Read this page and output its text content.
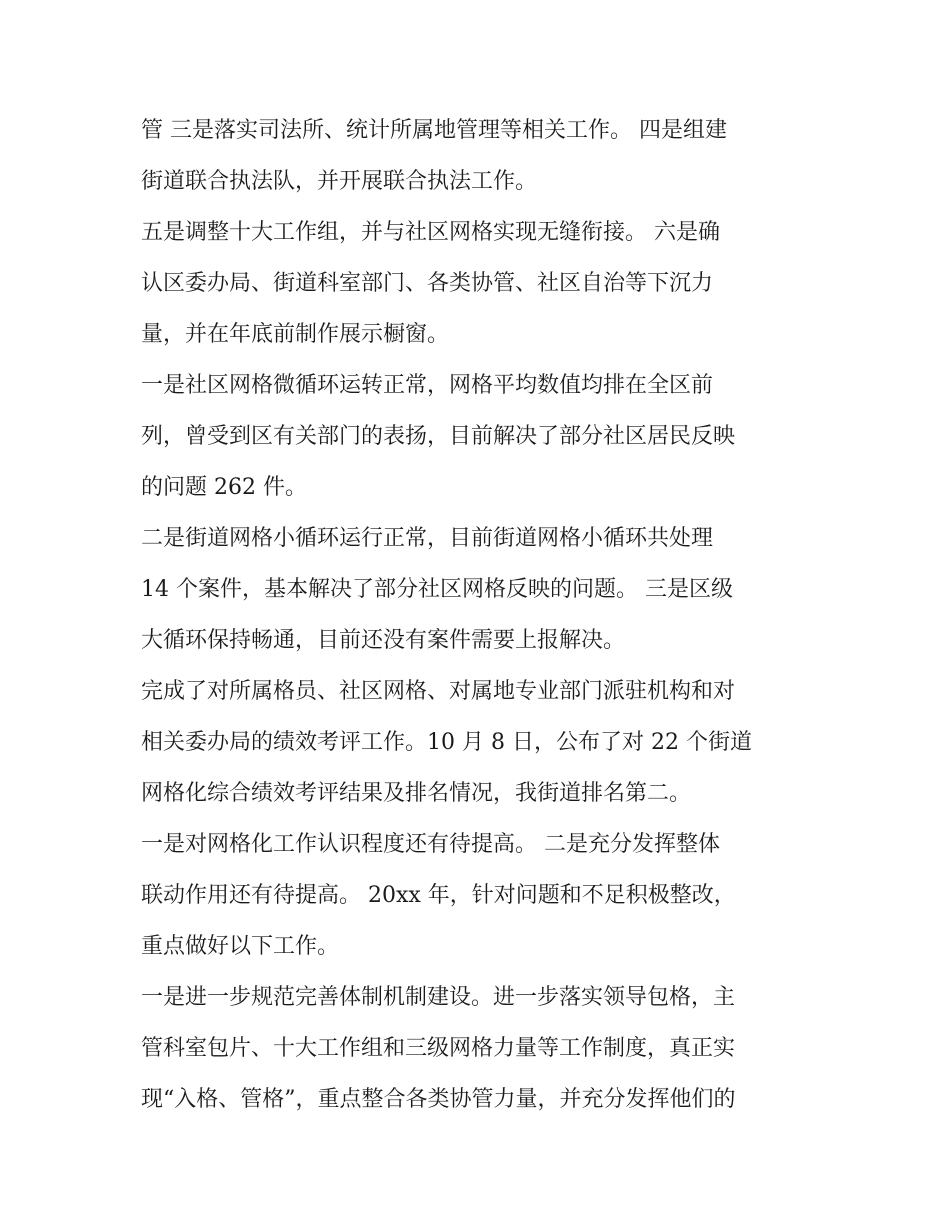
管 三是落实司法所、统计所属地管理等相关工作。 四是组建
街道联合执法队，并开展联合执法工作。
五是调整十大工作组，并与社区网格实现无缝衔接。 六是确
认区委办局、街道科室部门、各类协管、社区自治等下沉力
量，并在年底前制作展示橱窗。
一是社区网格微循环运转正常，网格平均数值均排在全区前
列，曾受到区有关部门的表扬，目前解决了部分社区居民反映
的问题 262 件。
二是街道网格小循环运行正常，目前街道网格小循环共处理
14 个案件，基本解决了部分社区网格反映的问题。 三是区级
大循环保持畅通，目前还没有案件需要上报解决。
完成了对所属格员、社区网格、对属地专业部门派驻机构和对
相关委办局的绩效考评工作。10 月 8 日，公布了对 22 个街道
网格化综合绩效考评结果及排名情况，我街道排名第二。
一是对网格化工作认识程度还有待提高。 二是充分发挥整体
联动作用还有待提高。 20xx 年，针对问题和不足积极整改，
重点做好以下工作。
一是进一步规范完善体制机制建设。进一步落实领导包格，主
管科室包片、十大工作组和三级网格力量等工作制度，真正实
现“入格、管格”，重点整合各类协管力量，并充分发挥他们的
